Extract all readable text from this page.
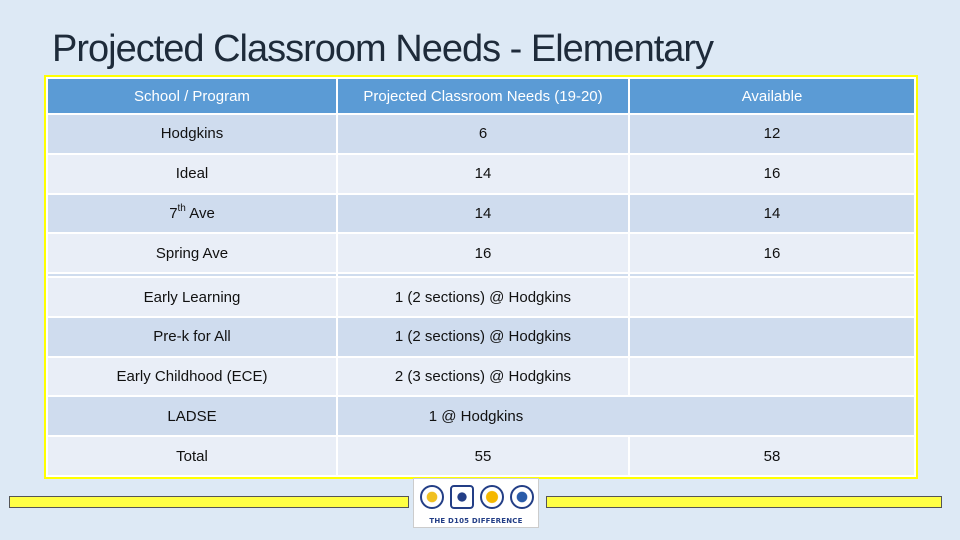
Projected Classroom Needs - Elementary
School / Program	Projected Classroom Needs (19-20)	Available
Hodgkins	6	12
Ideal	14	16
7th Ave	14	14
Spring Ave	16	16

Early Learning	1 (2 sections) @ Hodgkins	
Pre-k for All	1 (2 sections) @ Hodgkins	
Early Childhood (ECE)	2 (3 sections) @ Hodgkins	
LADSE	1 @ Hodgkins	
Total	55	58
THE D105 DIFFERENCE
